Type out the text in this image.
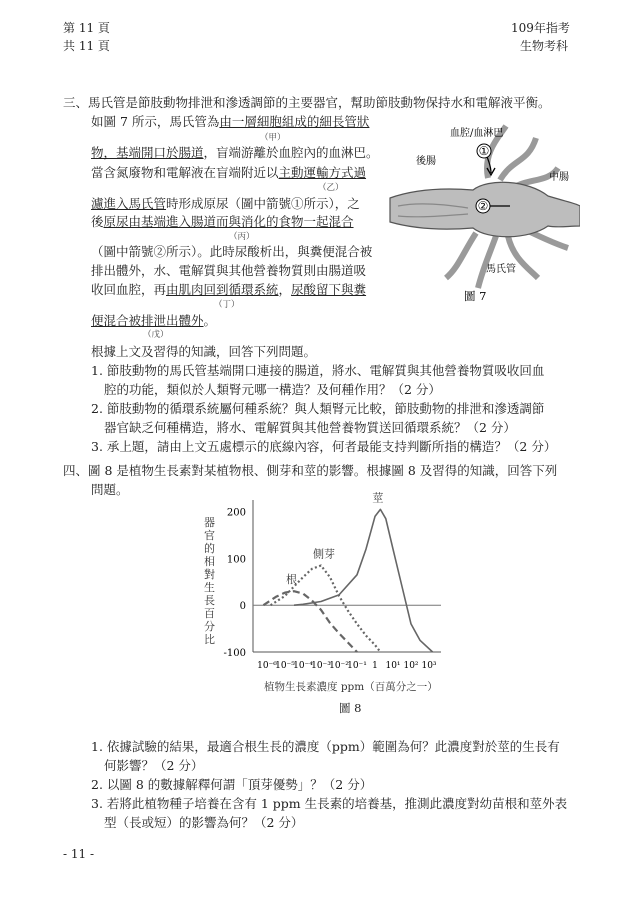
第 11 頁
共 11 頁
109年指考
生物考科
三、馬氏管是節肢動物排泄和滲透調節的主要器官，幫助節肢動物保持水和電解液平衡。
如圖 7 所示，馬氏管為由一層細胞組成的細長管狀
（甲）
物，基端開口於腸道，盲端游離於血腔內的血淋巴。
當含氮廢物和電解液在盲端附近以主動運輸方式過
（乙）
濾進入馬氏管時形成原尿（圖中箭號①所示），之
後原尿由基端進入腸道而與消化的食物一起混合
（丙）
（圖中箭號②所示）。此時尿酸析出，與糞便混合被
排出體外，水、電解質與其他營養物質則由腸道吸
收回血腔，再由肌肉回到循環系統，尿酸留下與糞
（丁）
便混合被排泄出體外。
（戊）
根據上文及習得的知識，回答下列問題。
1. 節肢動物的馬氏管基端開口連接的腸道，將水、電解質與其他營養物質吸收回血
腔的功能，類似於人類腎元哪一構造？及何種作用？（2 分）
2. 節肢動物的循環系統屬何種系統？與人類腎元比較，節肢動物的排泄和滲透調節
器官缺乏何種構造，將水、電解質與其他營養物質送回循環系統？（2 分）
3. 承上題，請由上文五處標示的底線內容，何者最能支持判斷所指的構造？（2 分）
①
②
血腔/血淋巴
後腸
中腸
馬氏管
圖 7
四、圖 8 是植物生長素對某植物根、側芽和莖的影響。根據圖 8 及習得的知識，回答下列
問題。
器官的相對生長百分比
200
100
0
-100
10⁻⁶
10⁻⁵
10⁻⁴
10⁻³
10⁻²
10⁻¹ 1 10¹ 10² 10³
根
側芽
莖
植物生長素濃度 ppm（百萬分之一）
圖 8
1. 依據試驗的結果，最適合根生長的濃度（ppm）範圍為何？此濃度對於莖的生長有
何影響？（2 分）
2. 以圖 8 的數據解釋何謂「頂芽優勢」？（2 分）
3. 若將此植物種子培養在含有 1 ppm 生長素的培養基，推測此濃度對幼苗根和莖外表
型（長或短）的影響為何？（2 分）
- 11 -
